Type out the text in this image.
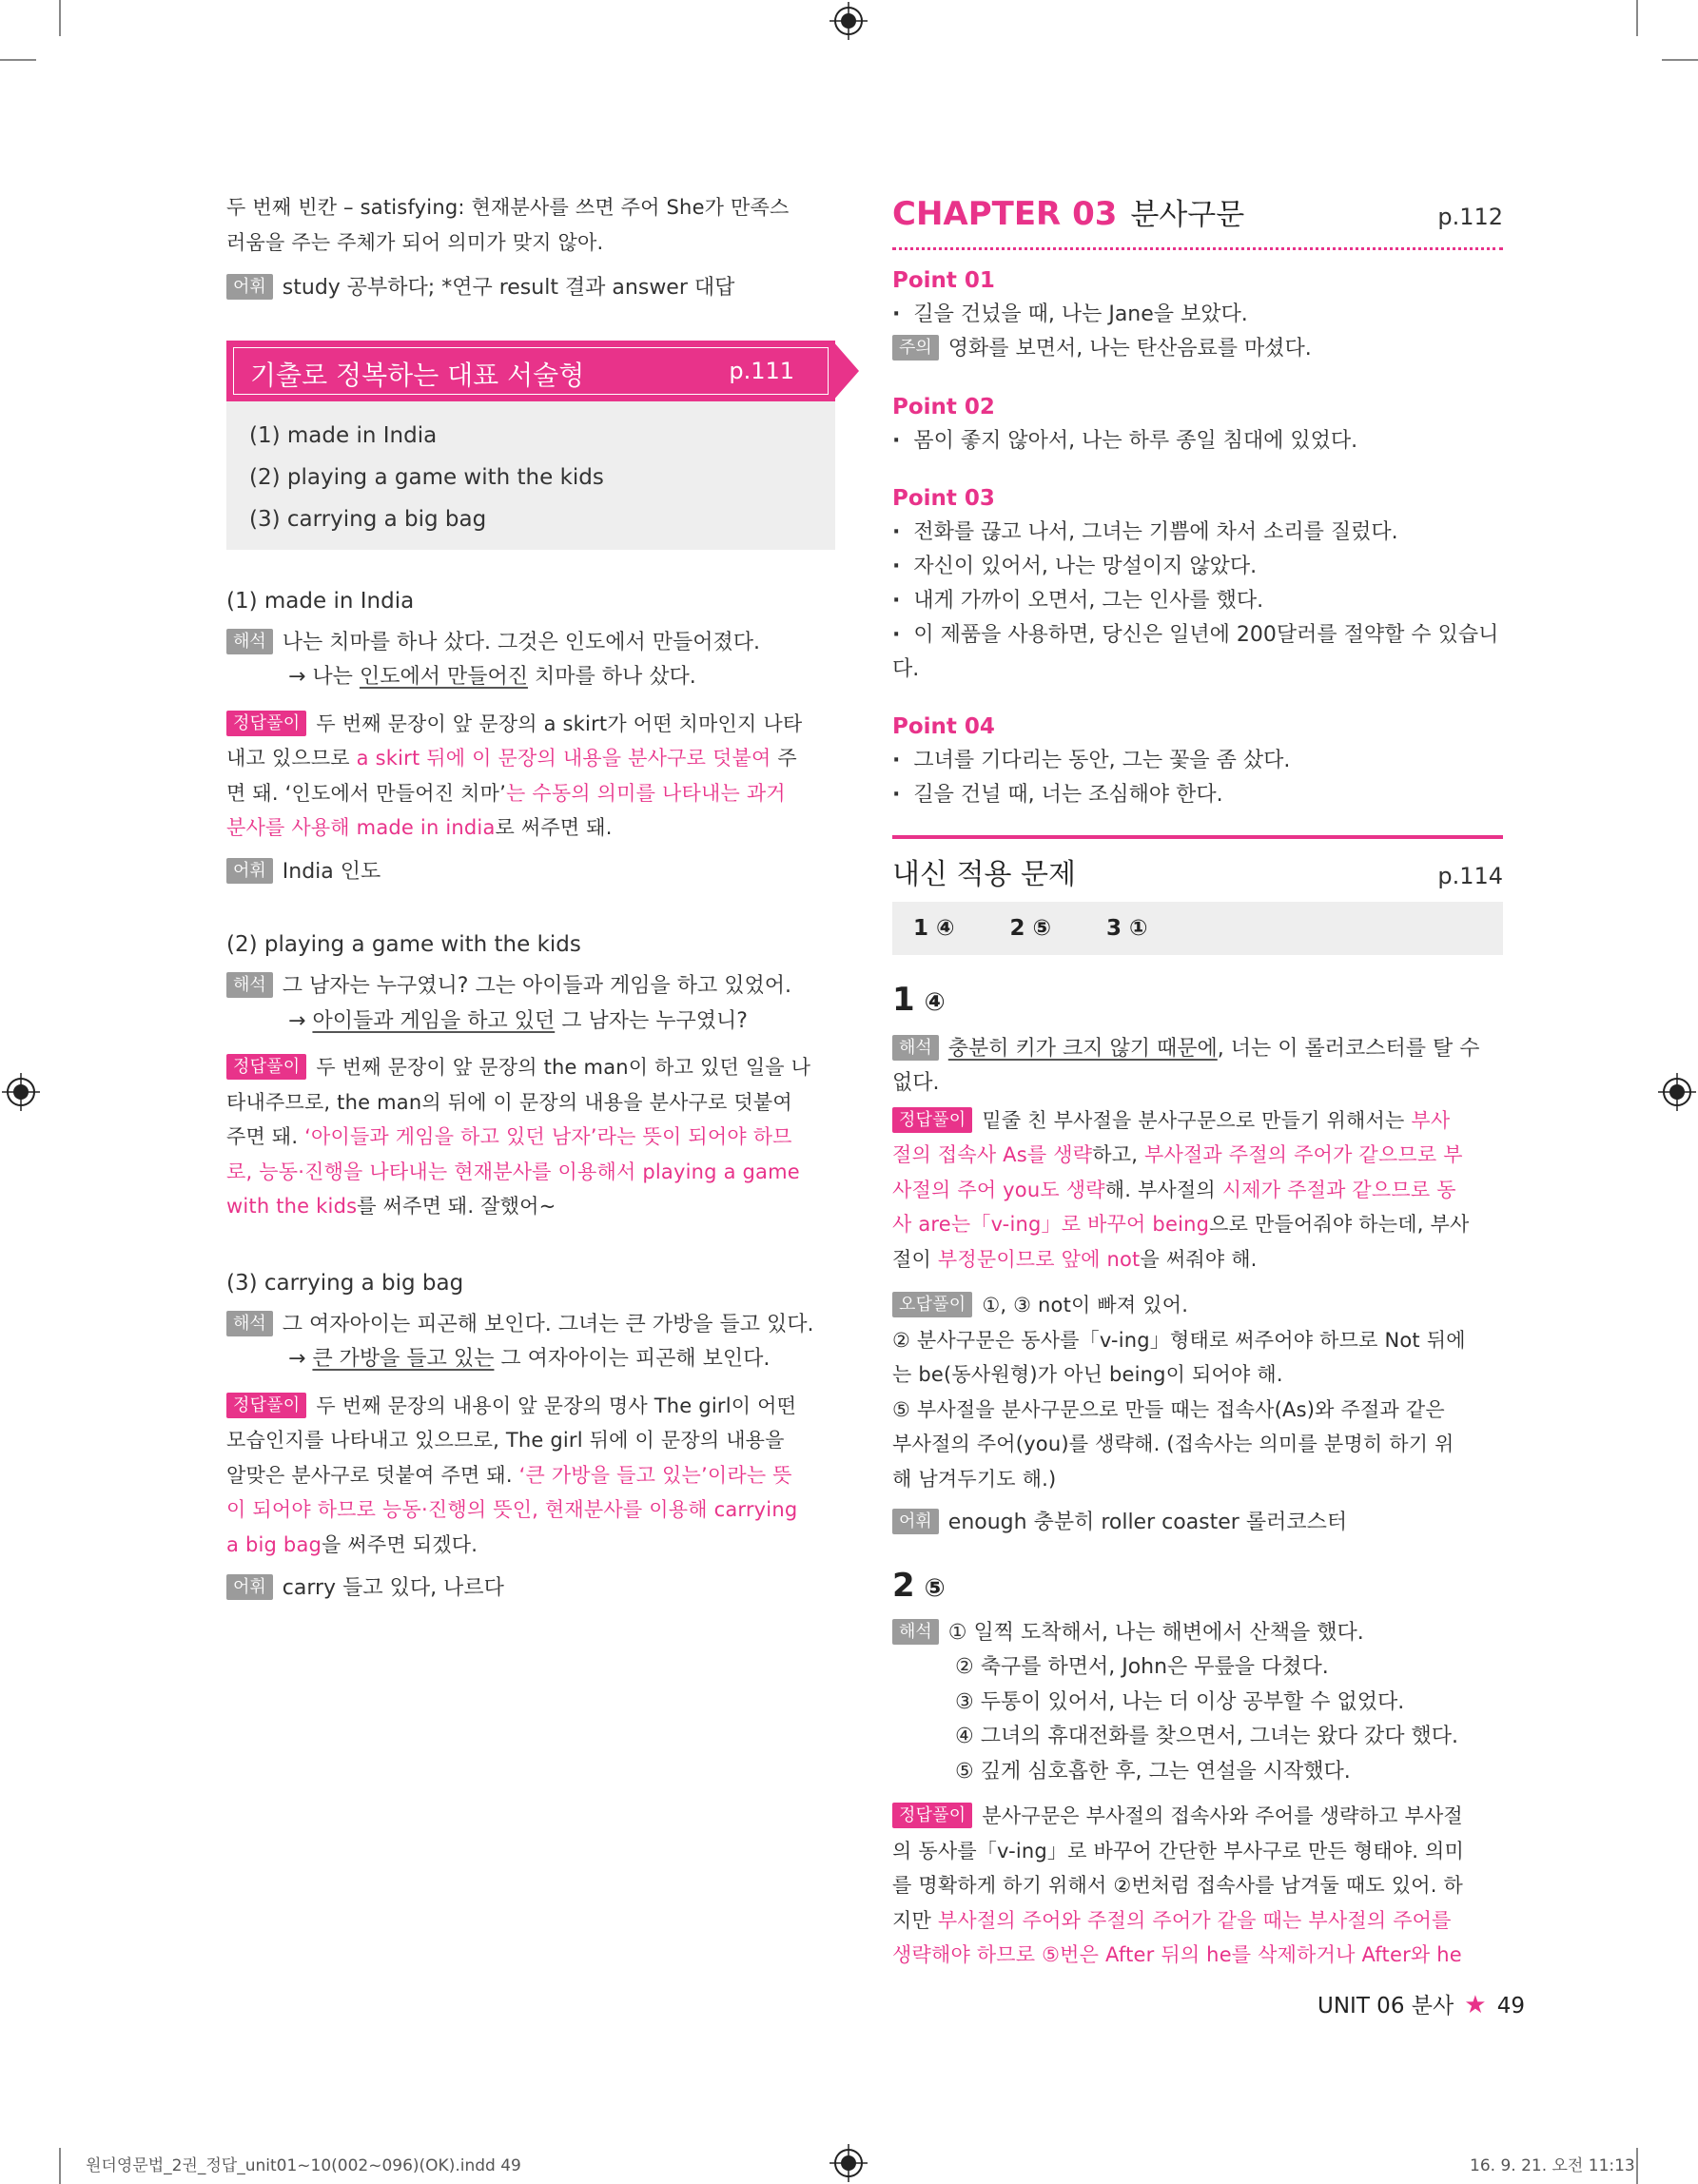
두 번째 빈칸 – satisfying: 현재분사를 쓰면 주어 She가 만족스

러움을 주는 주체가 되어 의미가 맞지 않아.

어휘 study 공부하다; *연구 result 결과 answer 대답

기출로 정복하는 대표 서술형	p.111

(1) made in India

(2) playing a game with the kids

(3) carrying a big bag

(1) made in India

해석 나는 치마를 하나 샀다. 그것은 인도에서 만들어졌다.

→ 나는 인도에서 만들어진 치마를 하나 샀다.

정답풀이 두 번째 문장이 앞 문장의 a skirt가 어떤 치마인지 나타
내고 있으므로 a skirt 뒤에 이 문장의 내용을 분사구로 덧붙여 주
면 돼. ‘인도에서 만들어진 치마’는 수동의 의미를 나타내는 과거
분사를 사용해 made in india로 써주면 돼.

어휘 India 인도

(2) playing a game with the kids

해석 그 남자는 누구였니? 그는 아이들과 게임을 하고 있었어.

→ 아이들과 게임을 하고 있던 그 남자는 누구였니?

정답풀이 두 번째 문장이 앞 문장의 the man이 하고 있던 일을 나
타내주므로, the man의 뒤에 이 문장의 내용을 분사구로 덧붙여
주면 돼. ‘아이들과 게임을 하고 있던 남자’라는 뜻이 되어야 하므
로, 능동·진행을 나타내는 현재분사를 이용해서 playing a game
with the kids를 써주면 돼. 잘했어~

(3) carrying a big bag

해석 그 여자아이는 피곤해 보인다. 그녀는 큰 가방을 들고 있다.

→ 큰 가방을 들고 있는 그 여자아이는 피곤해 보인다.

정답풀이 두 번째 문장의 내용이 앞 문장의 명사 The girl이 어떤
모습인지를 나타내고 있으므로, The girl 뒤에 이 문장의 내용을
알맞은 분사구로 덧붙여 주면 돼. ‘큰 가방을 들고 있는’이라는 뜻
이 되어야 하므로 능동·진행의 뜻인, 현재분사를 이용해 carrying
a big bag을 써주면 되겠다.

어휘 carry 들고 있다, 나르다

CHAPTER 03 분사구문	p.112

Point 01

· 길을 건넜을 때, 나는 Jane을 보았다.

주의 영화를 보면서, 나는 탄산음료를 마셨다.

Point 02

· 몸이 좋지 않아서, 나는 하루 종일 침대에 있었다.

Point 03

· 전화를 끊고 나서, 그녀는 기쁨에 차서 소리를 질렀다.

· 자신이 있어서, 나는 망설이지 않았다.

· 내게 가까이 오면서, 그는 인사를 했다.

· 이 제품을 사용하면, 당신은 일년에 200달러를 절약할 수 있습니다.

Point 04

· 그녀를 기다리는 동안, 그는 꽃을 좀 샀다.

· 길을 건널 때, 너는 조심해야 한다.

내신 적용 문제	p.114
1 ④	2 ⑤	3 ①

1 ④

해석 충분히 키가 크지 않기 때문에, 너는 이 롤러코스터를 탈 수 없다.

정답풀이 밑줄 친 부사절을 분사구문으로 만들기 위해서는 부사
절의 접속사 As를 생략하고, 부사절과 주절의 주어가 같으므로 부
사절의 주어 you도 생략해. 부사절의 시제가 주절과 같으므로 동
사 are는「v-ing」로 바꾸어 being으로 만들어줘야 하는데, 부사
절이 부정문이므로 앞에 not을 써줘야 해.
오답풀이 ①, ③ not이 빠져 있어.
② 분사구문은 동사를「v-ing」형태로 써주어야 하므로 Not 뒤에
는 be(동사원형)가 아닌 being이 되어야 해.
⑤ 부사절을 분사구문으로 만들 때는 접속사(As)와 주절과 같은
부사절의 주어(you)를 생략해. (접속사는 의미를 분명히 하기 위
해 남겨두기도 해.)

어휘 enough 충분히 roller coaster 롤러코스터

2 ⑤

해석 ① 일찍 도착해서, 나는 해변에서 산책을 했다.

② 축구를 하면서, John은 무릎을 다쳤다.

③ 두통이 있어서, 나는 더 이상 공부할 수 없었다.

④ 그녀의 휴대전화를 찾으면서, 그녀는 왔다 갔다 했다.

⑤ 깊게 심호흡한 후, 그는 연설을 시작했다.

정답풀이 분사구문은 부사절의 접속사와 주어를 생략하고 부사절
의 동사를「v-ing」로 바꾸어 간단한 부사구로 만든 형태야. 의미
를 명확하게 하기 위해서 ②번처럼 접속사를 남겨둘 때도 있어. 하
지만 부사절의 주어와 주절의 주어가 같을 때는 부사절의 주어를
생략해야 하므로 ⑤번은 After 뒤의 he를 삭제하거나 After와 he
UNIT 06 분사 ★ 49
원더영문법_2권_정답_unit01~10(002~096)(OK).indd 49	16. 9. 21. 오전 11:13
